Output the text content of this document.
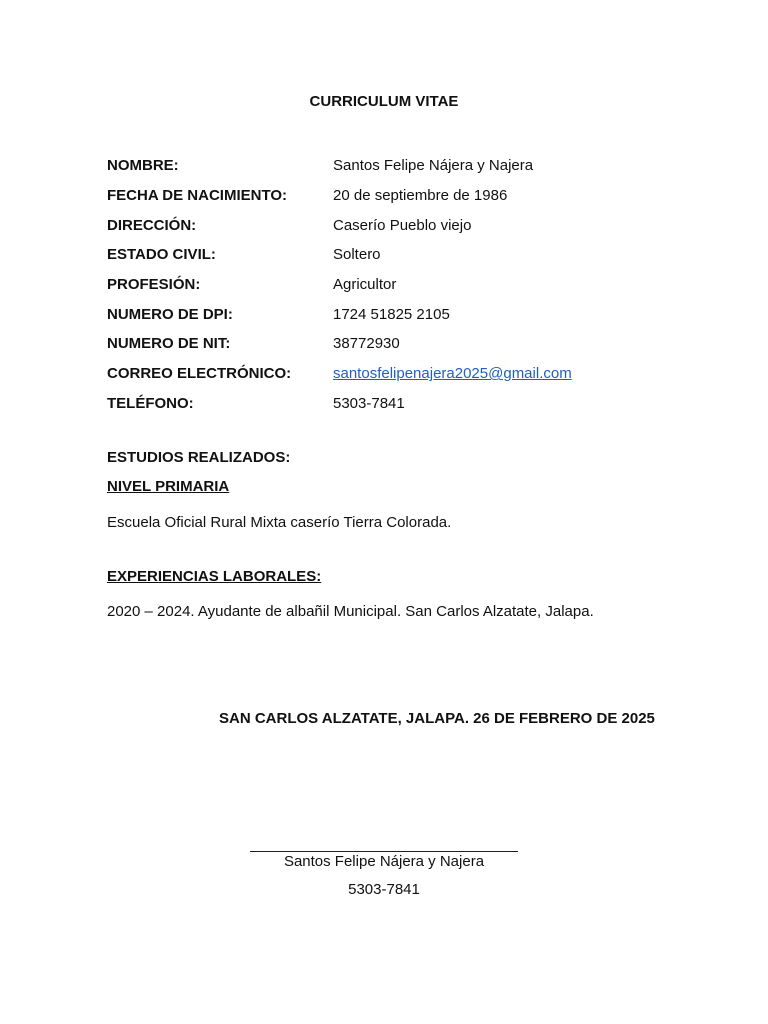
CURRICULUM VITAE
NOMBRE:	Santos Felipe Nájera y Najera
FECHA DE NACIMIENTO:	20 de septiembre de 1986
DIRECCIÓN:	Caserío Pueblo viejo
ESTADO CIVIL:	Soltero
PROFESIÓN:	Agricultor
NUMERO DE DPI:	1724 51825 2105
NUMERO DE NIT:	38772930
CORREO ELECTRÓNICO:	santosfelipenajera2025@gmail.com
TELÉFONO:	5303-7841
ESTUDIOS REALIZADOS:
NIVEL PRIMARIA
Escuela Oficial Rural Mixta caserío Tierra Colorada.
EXPERIENCIAS LABORALES:
2020 – 2024. Ayudante de albañil Municipal. San Carlos Alzatate, Jalapa.
SAN CARLOS ALZATATE, JALAPA. 26 DE FEBRERO DE 2025
Santos Felipe Nájera y Najera
5303-7841
